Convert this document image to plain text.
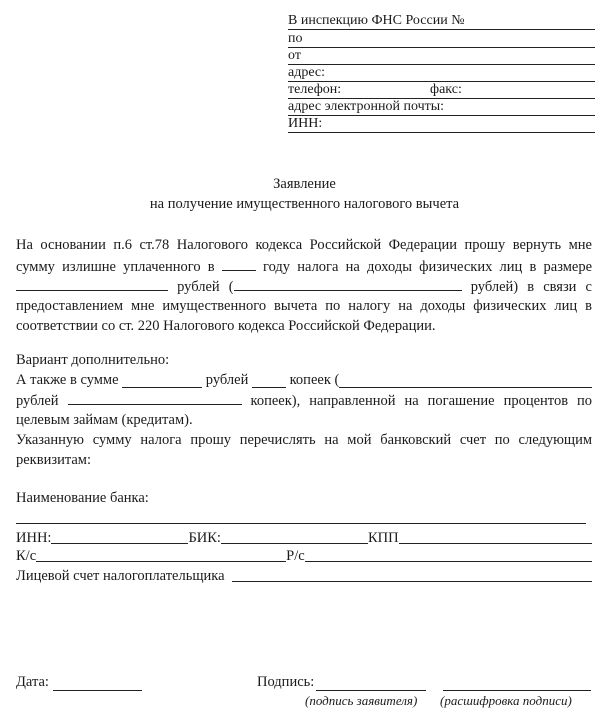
В инспекцию ФНС России №
по
от
адрес:
телефон:	факс:
адрес электронной почты:
ИНН:
Заявление
на получение имущественного налогового вычета
На основании п.6 ст.78 Налогового кодекса Российской Федерации прошу вернуть мне
сумму излишне уплаченного в	году налога на доходы физических лиц в размере
рублей (	рублей) в связи с
предоставлением мне имущественного вычета по налогу на доходы физических лиц в
соответствии со ст. 220 Налогового кодекса Российской Федерации.
Вариант дополнительно:
А также в сумме

	рублей

	копеек (
рублей	копеек), направленной на погашение процентов по
целевым займам (кредитам).
Указанную сумму налога прошу перечислять на мой банковский счет по следующим
реквизитам:
Наименование банка:
ИНН:	БИК:	КПП
К/с	Р/с
Лицевой счет налогоплательщика

Дата:	Подпись:
(подпись заявителя) (расшифровка подписи)
